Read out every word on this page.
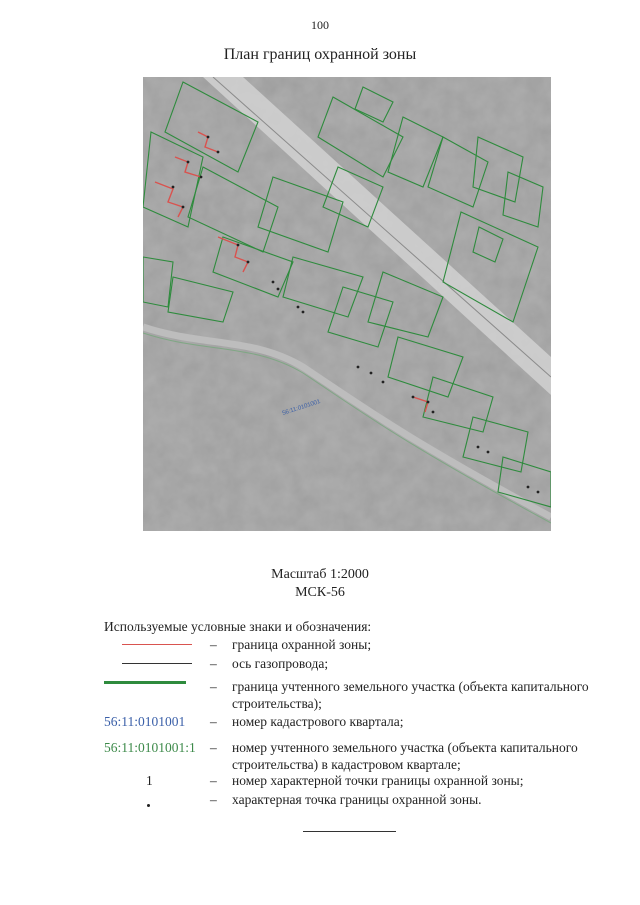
100
План границ охранной зоны
56:11:0101001
Масштаб 1:2000
МСК-56
Используемые условные знаки и обозначения:
– граница охранной зоны;
– ось газопровода;
– граница учтенного земельного участка (объекта капитального строительства);
56:11:0101001	– номер кадастрового квартала;
56:11:0101001:1	– номер учтенного земельного участка (объекта капитального строительства) в кадастровом квартале;
1	– номер характерной точки границы охранной зоны;
– характерная точка границы охранной зоны.
